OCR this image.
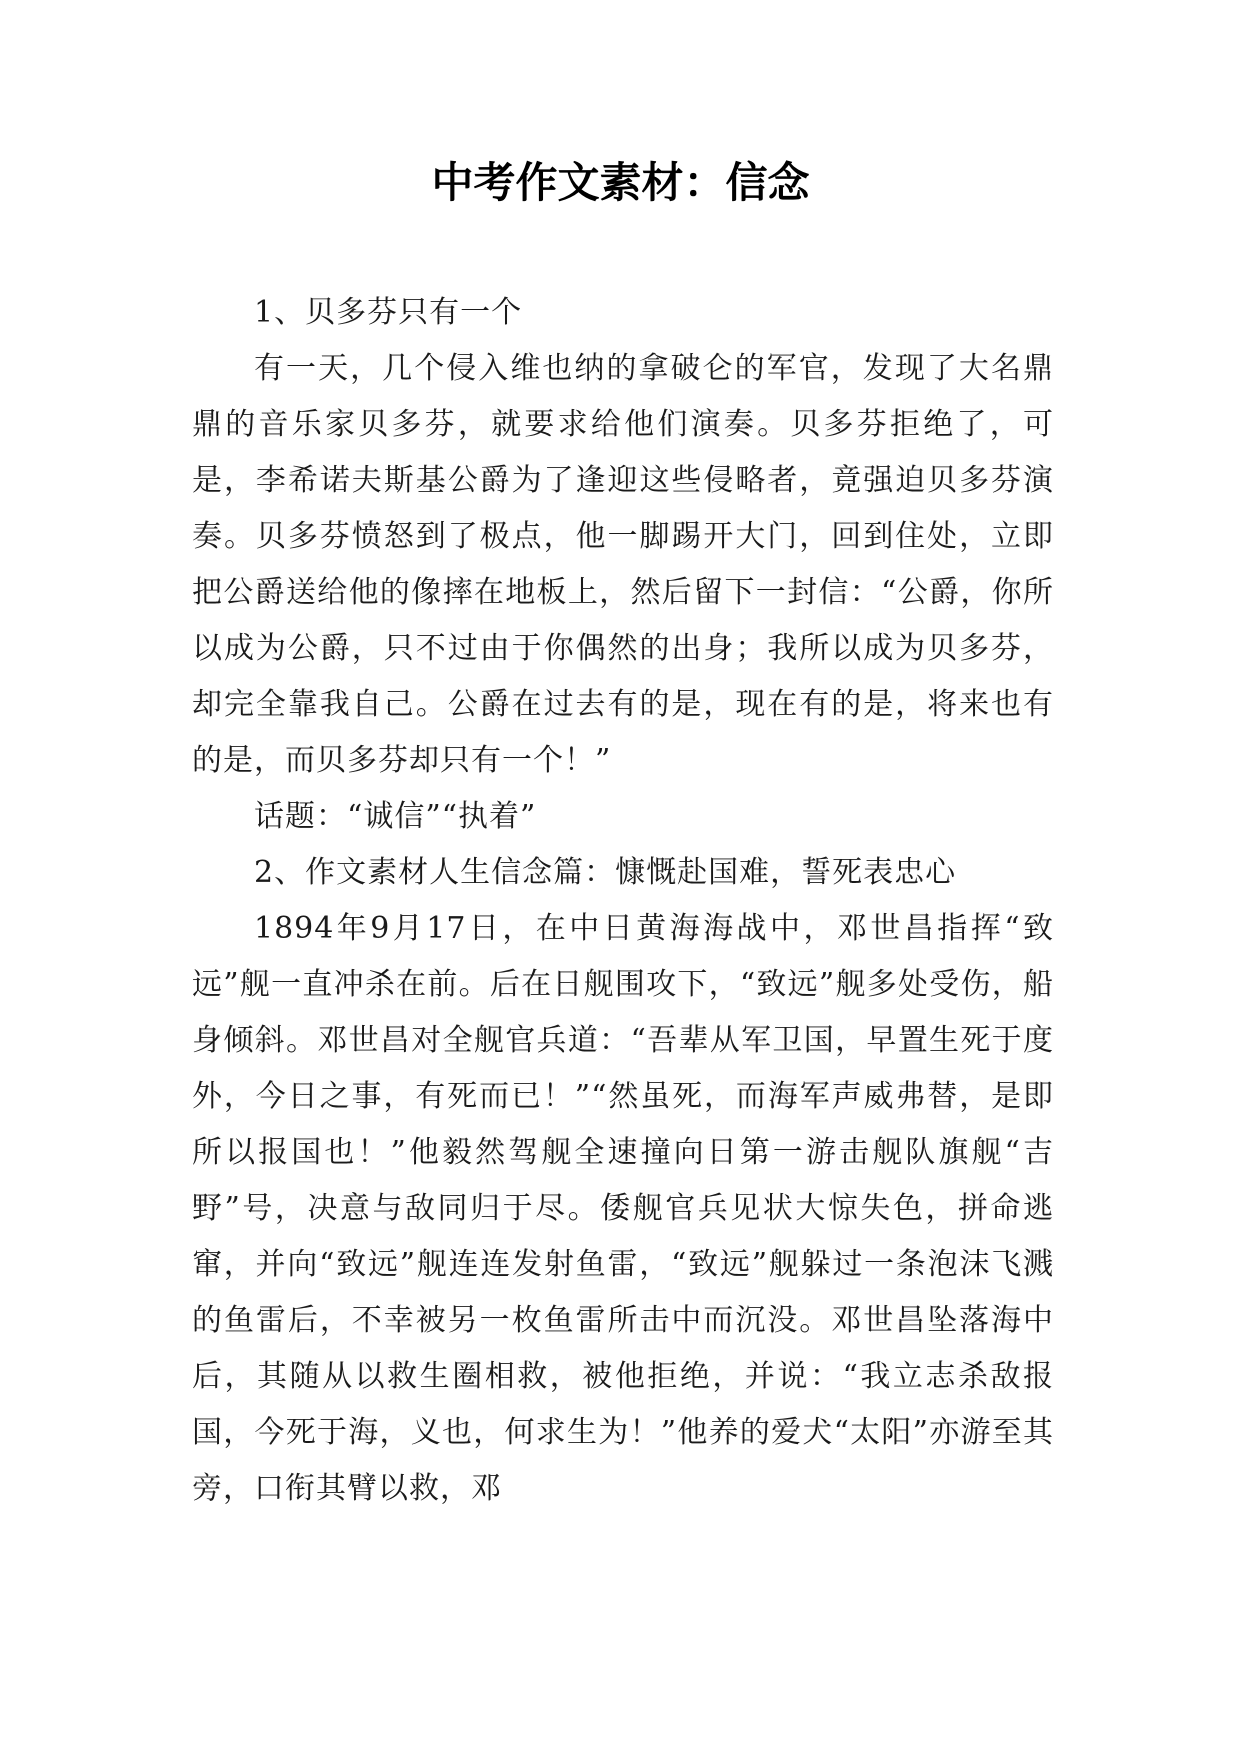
中考作文素材：信念

1、贝多芬只有一个

有一天，几个侵入维也纳的拿破仑的军官，发现了大名鼎鼎的音乐家贝多芬，就要求给他们演奏。贝多芬拒绝了，可是，李希诺夫斯基公爵为了逢迎这些侵略者，竟强迫贝多芬演奏。贝多芬愤怒到了极点，他一脚踢开大门，回到住处，立即把公爵送给他的像摔在地板上，然后留下一封信：“公爵，你所以成为公爵，只不过由于你偶然的出身；我所以成为贝多芬，却完全靠我自己。公爵在过去有的是，现在有的是，将来也有的是，而贝多芬却只有一个！”

话题：“诚信”“执着”

2、作文素材人生信念篇：慷慨赴国难，誓死表忠心

1894年9月17日，在中日黄海海战中，邓世昌指挥“致远”舰一直冲杀在前。后在日舰围攻下，“致远”舰多处受伤，船身倾斜。邓世昌对全舰官兵道：“吾辈从军卫国，早置生死于度外，今日之事，有死而已！”“然虽死，而海军声威弗替，是即所以报国也！”他毅然驾舰全速撞向日第一游击舰队旗舰“吉野”号，决意与敌同归于尽。倭舰官兵见状大惊失色，拼命逃窜，并向“致远”舰连连发射鱼雷，“致远”舰躲过一条泡沫飞溅的鱼雷后，不幸被另一枚鱼雷所击中而沉没。邓世昌坠落海中后，其随从以救生圈相救，被他拒绝，并说：“我立志杀敌报国，今死于海，义也，何求生为！”他养的爱犬“太阳”亦游至其旁，口衔其臂以救，邓
